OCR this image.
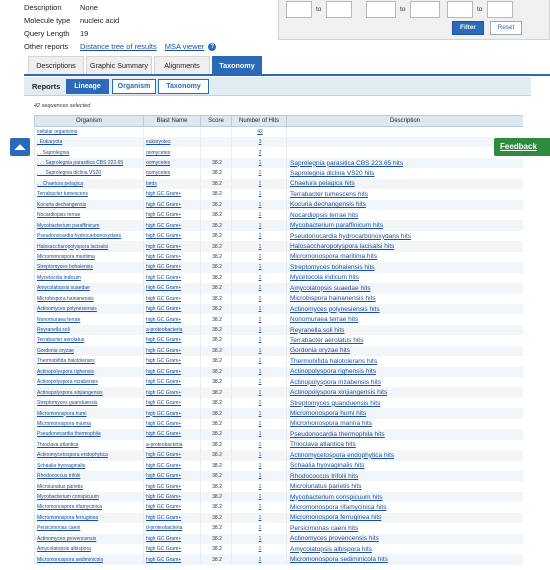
Description	None
Molecule type	nucleic acid
Query Length	19
Other reports	Distance tree of results MSA viewer	?
to	to	to
Filter	Reset
Descriptions	Graphic Summary	Alignments	Taxonomy
Reports	Lineage	Organism	Taxonomy
42 sequences selected
Organism	Blast Name	Score	Number of Hits	Description
cellular organisms			42	
. Eukaryota	eukaryotes		3	
. . Saprolegnia	oomycetes		2	
. . . Saprolegnia parasitica CBS 223.65	oomycetes	38.2	1	Saprolegnia parasitica CBS 223.65 hits
. . . Saprolegnia diclina VS20	oomycetes	38.2	1	Saprolegnia diclina VS20 hits
. . Chaetura pelagica	birds	38.2	1	Chaetura pelagica hits
Terrabacter tumescens	high GC Gram+	38.2	1	Terrabacter tumescens hits
Kocuria dechangensis	high GC Gram+	38.2	1	Kocuria dechangensis hits
Nocardiopsis terrae	high GC Gram+	38.2	1	Nocardiopsis terrae hits
Mycobacterium paraffinicum	high GC Gram+	38.2	1	Mycobacterium paraffinicum hits
Pseudonocardia hydrocarbonoxydans	high GC Gram+	38.2	1	Pseudonocardia hydrocarbonoxydans hits
Halosaccharopolyspora lacisalsi	high GC Gram+	38.2	1	Halosaccharopolyspora lacisalsi hits
Micromonospora maritima	high GC Gram+	38.2	1	Micromonospora maritima hits
Streptomyces bohaiensis	high GC Gram+	38.2	1	Streptomyces bohaiensis hits
Mycetocola indicum	high GC Gram+	38.2	1	Mycetocola indicum hits
Amycolatopsis suaedae	high GC Gram+	38.2	1	Amycolatopsis suaedae hits
Microbispora hainanensis	high GC Gram+	38.2	1	Microbispora hainanensis hits
Actinomyces polynesiensis	high GC Gram+	38.2	1	Actinomyces polynesiensis hits
Nonomuraea terrae	high GC Gram+	38.2	1	Nonomuraea terrae hits
Reyranella soli	a-proteobacteria	38.2	1	Reyranella soli hits
Terrabacter aerolatus	high GC Gram+	38.2	1	Terrabacter aerolatus hits
Gordonia oryzae	high GC Gram+	38.2	1	Gordonia oryzae hits
Thermobifida halotolerans	high GC Gram+	38.2	1	Thermobifida halotolerans hits
Actinopolyspora righensis	high GC Gram+	38.2	1	Actinopolyspora righensis hits
Actinopolyspora mzabensis	high GC Gram+	38.2	1	Actinopolyspora mzabensis hits
Actinopolyspora xinjiangensis	high GC Gram+	38.2	1	Actinopolyspora xinjiangensis hits
Streptomyces guanduensis	high GC Gram+	38.2	1	Streptomyces guanduensis hits
Micromonospora humi	high GC Gram+	38.2	1	Micromonospora humi hits
Micromonospora marina	high GC Gram+	38.2	1	Micromonospora marina hits
Pseudonocardia thermophila	high GC Gram+	38.2	1	Pseudonocardia thermophila hits
Thioclava atlantica	a-proteobacteria	38.2	1	Thioclava atlantica hits
Actinomycetospora endophytica	high GC Gram+	38.2	1	Actinomycetospora endophytica hits
Schaalia hyovaginalis	high GC Gram+	38.2	1	Schaalia hyovaginalis hits
Rhodococcus trifolii	high GC Gram+	38.2	1	Rhodococcus trifolii hits
Microlunatus parietis	high GC Gram+	38.2	1	Microlunatus parietis hits
Mycobacterium conspicuum	high GC Gram+	38.2	1	Mycobacterium conspicuum hits
Micromonospora rifamycinica	high GC Gram+	38.2	1	Micromonospora rifamycinica hits
Micromonospora ferruginea	high GC Gram+	38.2	1	Micromonospora ferruginea hits
Persicimonas caeni	d-proteobacteria	38.2	1	Persicimonas caeni hits
Actinomyces provencensis	high GC Gram+	38.2	1	Actinomyces provencensis hits
Amycolatopsis albispora	high GC Gram+	38.2	1	Amycolatopsis albispora hits
Micromonospora sediminicola	high GC Gram+	38.2	1	Micromonospora sediminicola hits
Feedback
